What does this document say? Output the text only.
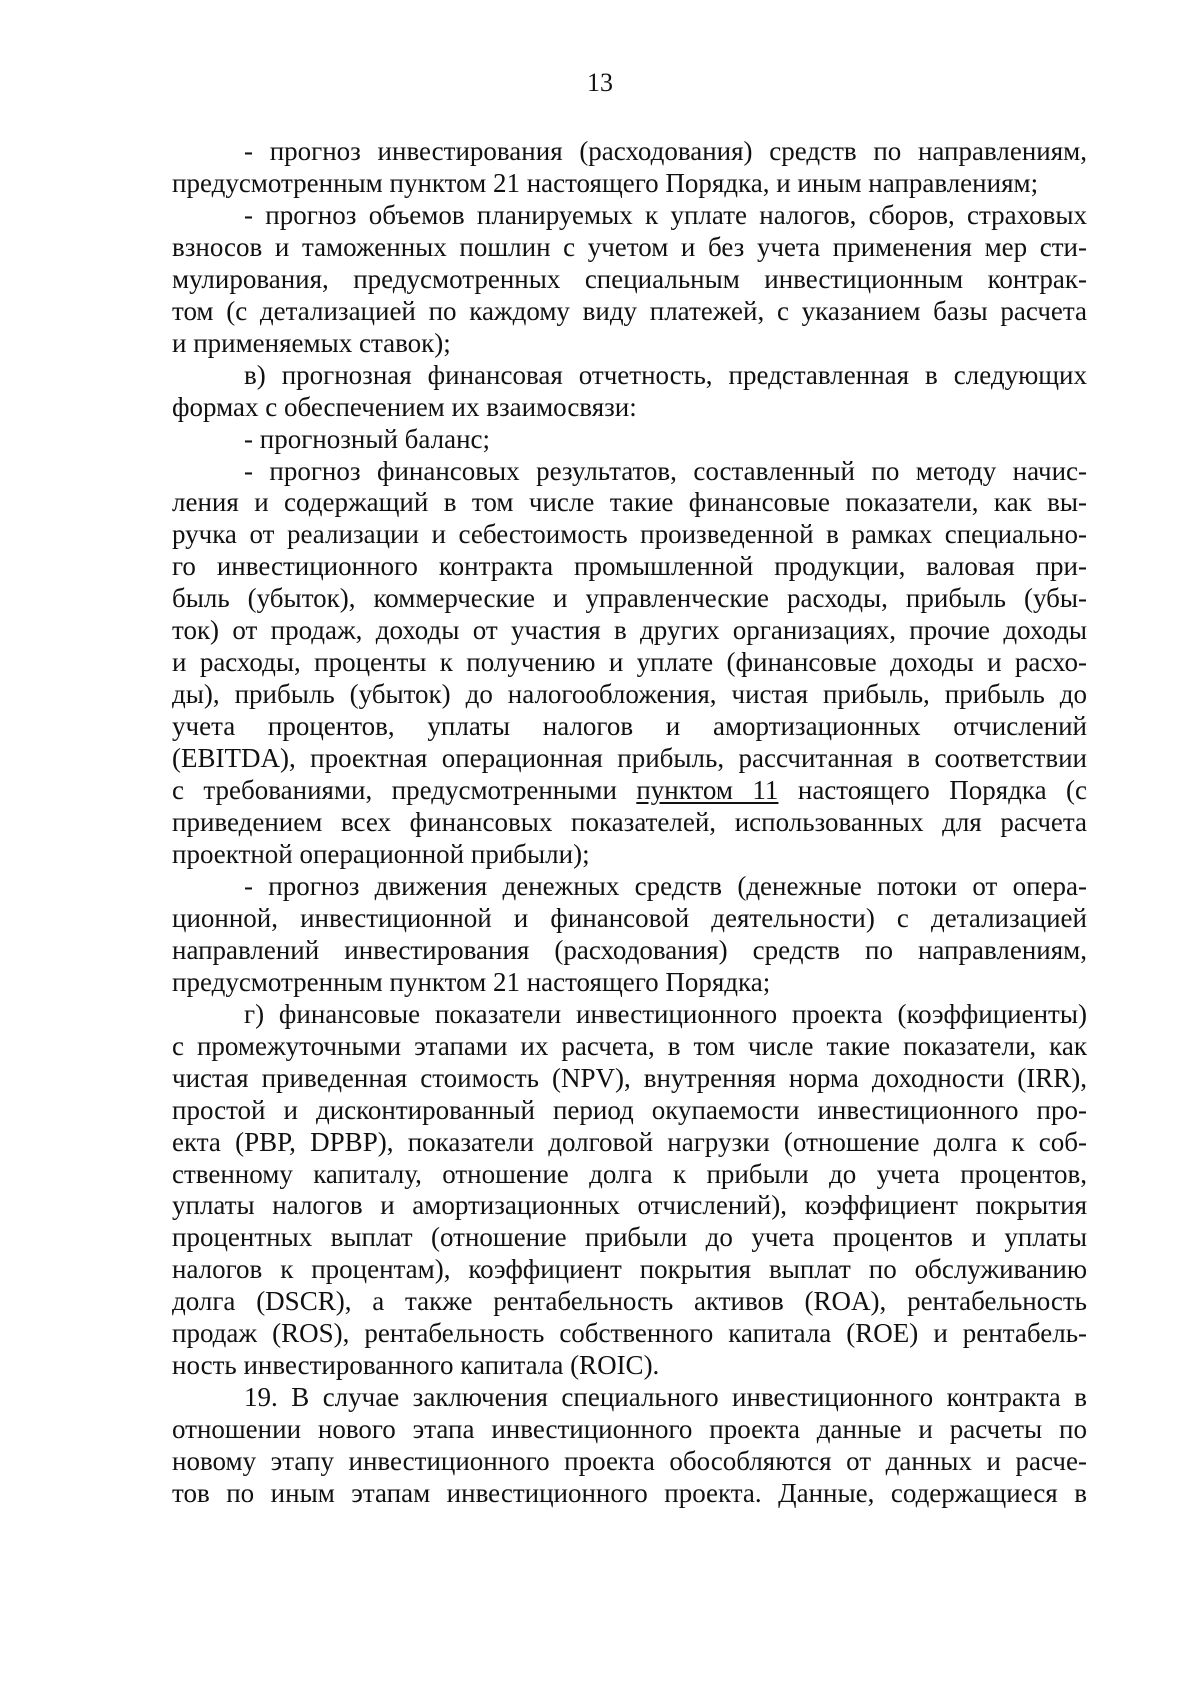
13
- прогноз инвестирования (расходования) средств по направлениям,
предусмотренным пунктом 21 настоящего Порядка, и иным направлениям;
- прогноз объемов планируемых к уплате налогов, сборов, страховых
взносов и таможенных пошлин с учетом и без учета применения мер сти-
мулирования, предусмотренных специальным инвестиционным контрак-
том (с детализацией по каждому виду платежей, с указанием базы расчета
и применяемых ставок);
в) прогнозная финансовая отчетность, представленная в следующих
формах с обеспечением их взаимосвязи:
- прогнозный баланс;
- прогноз финансовых результатов, составленный по методу начис-
ления и содержащий в том числе такие финансовые показатели, как вы-
ручка от реализации и себестоимость произведенной в рамках специально-
го инвестиционного контракта промышленной продукции, валовая при-
быль (убыток), коммерческие и управленческие расходы, прибыль (убы-
ток) от продаж, доходы от участия в других организациях, прочие доходы
и расходы, проценты к получению и уплате (финансовые доходы и расхо-
ды), прибыль (убыток) до налогообложения, чистая прибыль, прибыль до
учета процентов, уплаты налогов и амортизационных отчислений
(EBITDA), проектная операционная прибыль, рассчитанная в соответствии
с требованиями, предусмотренными пунктом 11 настоящего Порядка (с
приведением всех финансовых показателей, использованных для расчета
проектной операционной прибыли);
- прогноз движения денежных средств (денежные потоки от опера-
ционной, инвестиционной и финансовой деятельности) с детализацией
направлений инвестирования (расходования) средств по направлениям,
предусмотренным пунктом 21 настоящего Порядка;
г) финансовые показатели инвестиционного проекта (коэффициенты)
с промежуточными этапами их расчета, в том числе такие показатели, как
чистая приведенная стоимость (NPV), внутренняя норма доходности (IRR),
простой и дисконтированный период окупаемости инвестиционного про-
екта (PBP, DPBP), показатели долговой нагрузки (отношение долга к соб-
ственному капиталу, отношение долга к прибыли до учета процентов,
уплаты налогов и амортизационных отчислений), коэффициент покрытия
процентных выплат (отношение прибыли до учета процентов и уплаты
налогов к процентам), коэффициент покрытия выплат по обслуживанию
долга (DSCR), а также рентабельность активов (ROA), рентабельность
продаж (ROS), рентабельность собственного капитала (ROE) и рентабель-
ность инвестированного капитала (ROIC).
19. В случае заключения специального инвестиционного контракта в
отношении нового этапа инвестиционного проекта данные и расчеты по
новому этапу инвестиционного проекта обособляются от данных и расче-
тов по иным этапам инвестиционного проекта. Данные, содержащиеся в
